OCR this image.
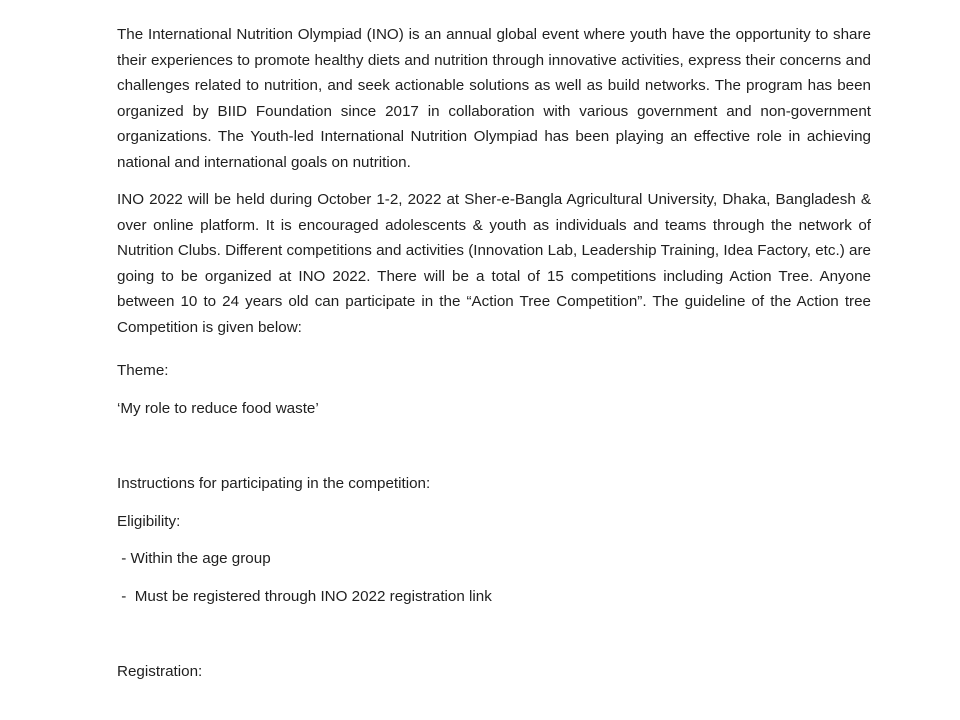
The International Nutrition Olympiad (INO) is an annual global event where youth have the opportunity to share their experiences to promote healthy diets and nutrition through innovative activities, express their concerns and challenges related to nutrition, and seek actionable solutions as well as build networks. The program has been organized by BIID Foundation since 2017 in collaboration with various government and non-government organizations. The Youth-led International Nutrition Olympiad has been playing an effective role in achieving national and international goals on nutrition.

INO 2022 will be held during October 1-2, 2022 at Sher-e-Bangla Agricultural University, Dhaka, Bangladesh & over online platform. It is encouraged adolescents & youth as individuals and teams through the network of Nutrition Clubs. Different competitions and activities (Innovation Lab, Leadership Training, Idea Factory, etc.) are going to be organized at INO 2022. There will be a total of 15 competitions including Action Tree. Anyone between 10 to 24 years old can participate in the “Action Tree Competition”. The guideline of the Action tree Competition is given below:

Theme:

‘My role to reduce food waste’

Instructions for participating in the competition:

Eligibility:

- Within the age group

-  Must be registered through INO 2022 registration link

Registration:
